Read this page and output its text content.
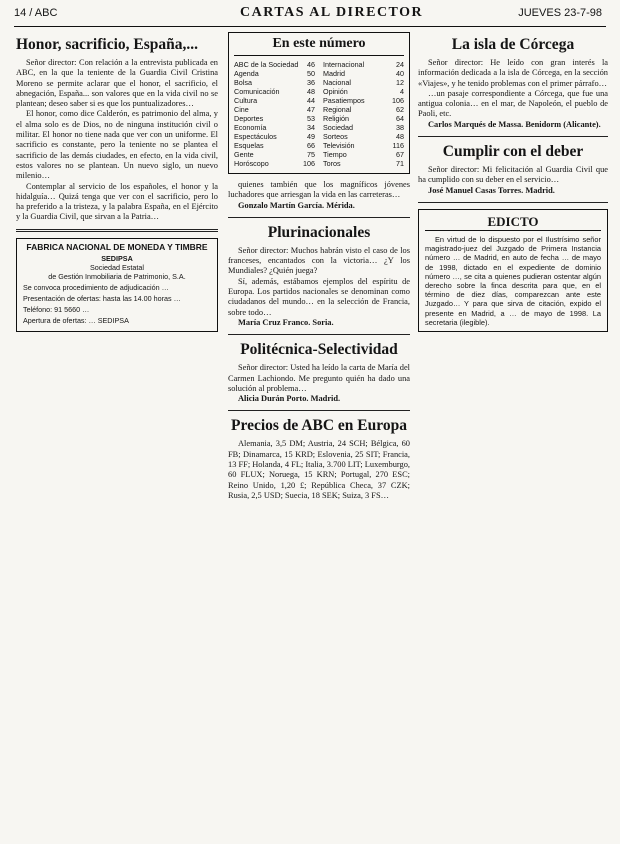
14 / ABC	CARTAS AL DIRECTOR	JUEVES 23-7-98
Honor, sacrificio, España,...

Señor director: Con relación a la entrevista publicada en ABC, en la que la teniente de la Guardia Civil Cristina Moreno se permite aclarar que el honor, el sacrificio, el abnegación, España... son valores que en la vida civil no se plantean; deseo saber si es que los puntualizadores…

El honor, como dice Calderón, es patrimonio del alma, y el alma solo es de Dios, no de ninguna institución civil o militar. El honor no tiene nada que ver con un uniforme. El sacrificio es constante, pero la teniente no se plantea el sacrificio de las demás ciudades, en efecto, en la vida civil, estos valores no se plantean. Un nuevo siglo, un nuevo milenio…

Contemplar al servicio de los españoles, el honor y la hidalguía… Quizá tenga que ver con el sacrificio, pero lo ha preferido a la tristeza, y la palabra España, en el Ejército y la Guardia Civil, que sirvan a la Patria…

FABRICA NACIONAL DE MONEDA Y TIMBRE
SEDIPSA
Sociedad Estatal
de Gestión Inmobiliaria de Patrimonio, S.A.

Se convoca procedimiento de adjudicación …

Presentación de ofertas: hasta las 14.00 horas …

Teléfono: 91 5660 …

Apertura de ofertas: … SEDIPSA

En este número
ABC de la Sociedad 46 Internacional	24
Agenda	50 Madrid	40
Bolsa	36 Nacional	12
Comunicación	48 Opinión	4
Cultura	44 Pasatiempos	106
Cine	47 Regional	62
Deportes	53 Religión	64
Economía	34 Sociedad	38
Espectáculos	49 Sorteos	48
Esquelas	66 Televisión	116
Gente	75 Tiempo	67
Horóscopo	106 Toros	71

quienes también que los magníficos jóvenes luchadores que arriesgan la vida en las carreteras…

Gonzalo Martín García. Mérida.

Plurinacionales

Señor director: Muchos habrán visto el caso de los franceses, encantados con la victoria… ¿Y los Mundiales? ¿Quién juega?

Sí, además, estábamos ejemplos del espíritu de Europa. Los partidos nacionales se denominan como ciudadanos del mundo… en la selección de Francia, sobre todo…

María Cruz Franco. Soria.

Politécnica-Selectividad

Señor director: Usted ha leído la carta de María del Carmen Lachiondo. Me pregunto quién ha dado una solución al problema…

Alicia Durán Porto. Madrid.

Precios de ABC en Europa

Alemania, 3,5 DM; Austria, 24 SCH; Bélgica, 60 FB; Dinamarca, 15 KRD; Eslovenia, 25 SIT; Francia, 13 FF; Holanda, 4 FL; Italia, 3.700 LIT; Luxemburgo, 60 FLUX; Noruega, 15 KRN; Portugal, 270 ESC; Reino Unido, 1,20 £; República Checa, 37 CZK; Rusia, 2,5 USD; Suecia, 18 SEK; Suiza, 3 FS…

La isla de Córcega

Señor director: He leído con gran interés la información dedicada a la isla de Córcega, en la sección «Viajes», y he tenido problemas con el primer párrafo…

…un pasaje correspondiente a Córcega, que fue una antigua colonia… en el mar, de Napoleón, el pueblo de Paoli, etc.

Carlos Marqués de Massa. Benidorm (Alicante).

Cumplir con el deber

Señor director: Mi felicitación al Guardia Civil que ha cumplido con su deber en el servicio…

José Manuel Casas Torres. Madrid.

EDICTO

En virtud de lo dispuesto por el Ilustrísimo señor magistrado-juez del Juzgado de Primera Instancia número … de Madrid, en auto de fecha … de mayo de 1998, dictado en el expediente de dominio número …, se cita a quienes pudieran ostentar algún derecho sobre la finca descrita para que, en el término de diez días, comparezcan ante este Juzgado… Y para que sirva de citación, expido el presente en Madrid, a … de mayo de 1998. La secretaria (ilegible).
